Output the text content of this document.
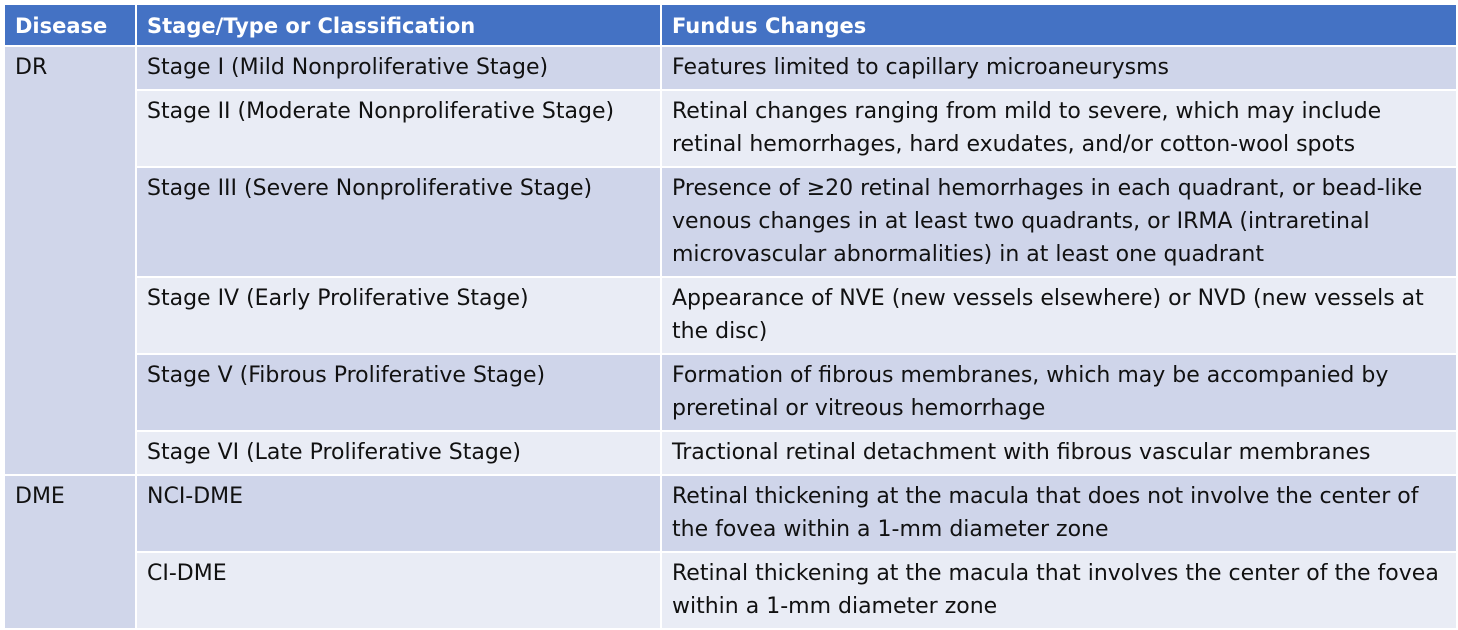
Disease	Stage/Type or Classification	Fundus Changes
DR	Stage I (Mild Nonproliferative Stage)	Features limited to capillary microaneurysms
	Stage II (Moderate Nonproliferative Stage)	Retinal changes ranging from mild to severe, which may include retinal hemorrhages, hard exudates, and/or cotton-wool spots
	Stage III (Severe Nonproliferative Stage)	Presence of ≥20 retinal hemorrhages in each quadrant, or bead-like venous changes in at least two quadrants, or IRMA (intraretinal microvascular abnormalities) in at least one quadrant
	Stage IV (Early Proliferative Stage)	Appearance of NVE (new vessels elsewhere) or NVD (new vessels at the disc)
	Stage V (Fibrous Proliferative Stage)	Formation of fibrous membranes, which may be accompanied by preretinal or vitreous hemorrhage
	Stage VI (Late Proliferative Stage)	Tractional retinal detachment with fibrous vascular membranes
DME	NCI-DME	Retinal thickening at the macula that does not involve the center of the fovea within a 1-mm diameter zone
	CI-DME	Retinal thickening at the macula that involves the center of the fovea within a 1-mm diameter zone
